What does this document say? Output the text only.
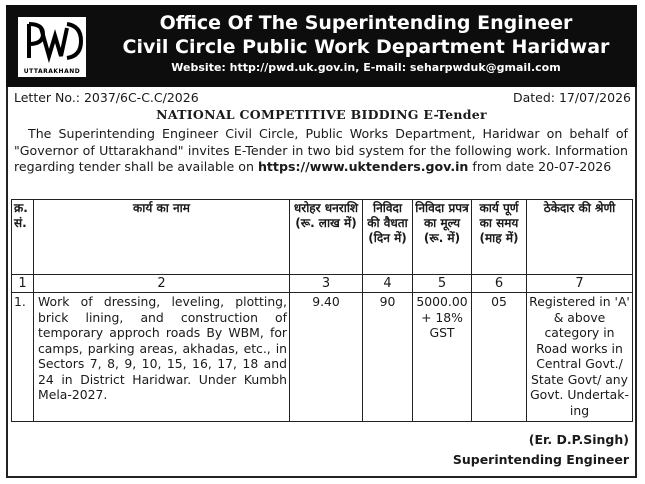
UTTARAKHAND
Office Of The Superintending Engineer
Civil Circle Public Work Department Haridwar
Website: http://pwd.uk.gov.in, E-mail: seharpwduk@gmail.com
Letter No.: 2037/6C-C.C/2026	Dated: 17/07/2026
NATIONAL COMPETITIVE BIDDING E-Tender
The Superintending Engineer Civil Circle, Public Works Department, Haridwar on behalf of "Governor of Uttarakhand" invites E-Tender in two bid system for the following work. Information regarding tender shall be available on https://www.uktenders.gov.in from date 20-07-2026
क्र. सं.	कार्य का नाम	धरोहर धनराशि (रू. लाख में)	निविदा की वैधता (दिन में)	निविदा प्रपत्र का मूल्य (रू. में)	कार्य पूर्ण का समय (माह में)	ठेकेदार की श्रेणी
1	2	3	4	5	6	7
1.	Work of dressing, leveling, plotting, brick lining, and construction of temporary approch roads By WBM, for camps, parking areas, akhadas, etc., in Sectors 7, 8, 9, 10, 15, 16, 17, 18 and 24 in District Haridwar. Under Kumbh Mela-2027.	9.40	90	5000.00 + 18% GST	05	Registered in 'A' & above category in Road works in Central Govt./ State Govt/ any Govt. Undertak-ing
(Er. D.P.Singh)
Superintending Engineer
